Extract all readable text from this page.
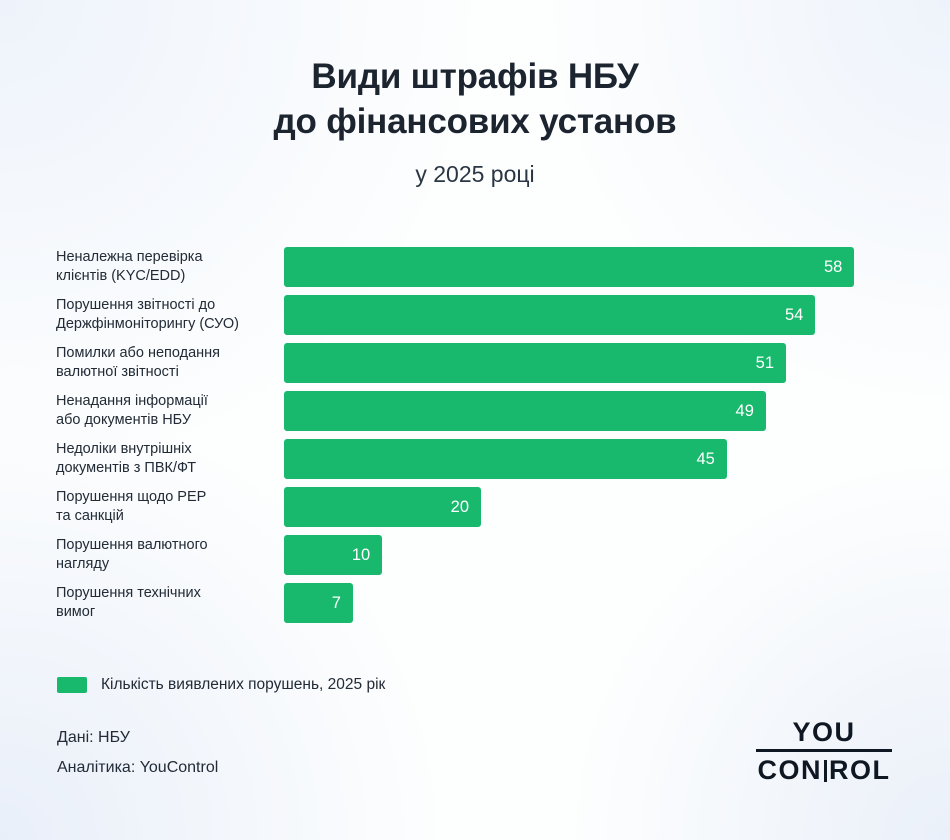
Види штрафів НБУ
до фінансових установ
у 2025 році
Неналежна перевірка
клієнтів (KYC/EDD)
58
Порушення звітності до
Держфінмоніторингу (СУО)
54
Помилки або неподання
валютної звітності
51
Ненадання інформації
або документів НБУ
49
Недоліки внутрішніх
документів з ПВК/ФТ
45
Порушення щодо РЕР
та санкцій
20
Порушення валютного
нагляду
10
Порушення технічних
вимог
7
Кількість виявлених порушень, 2025 рік
Дані: НБУ
Аналітика: YouControl
YOU
CON ROL
